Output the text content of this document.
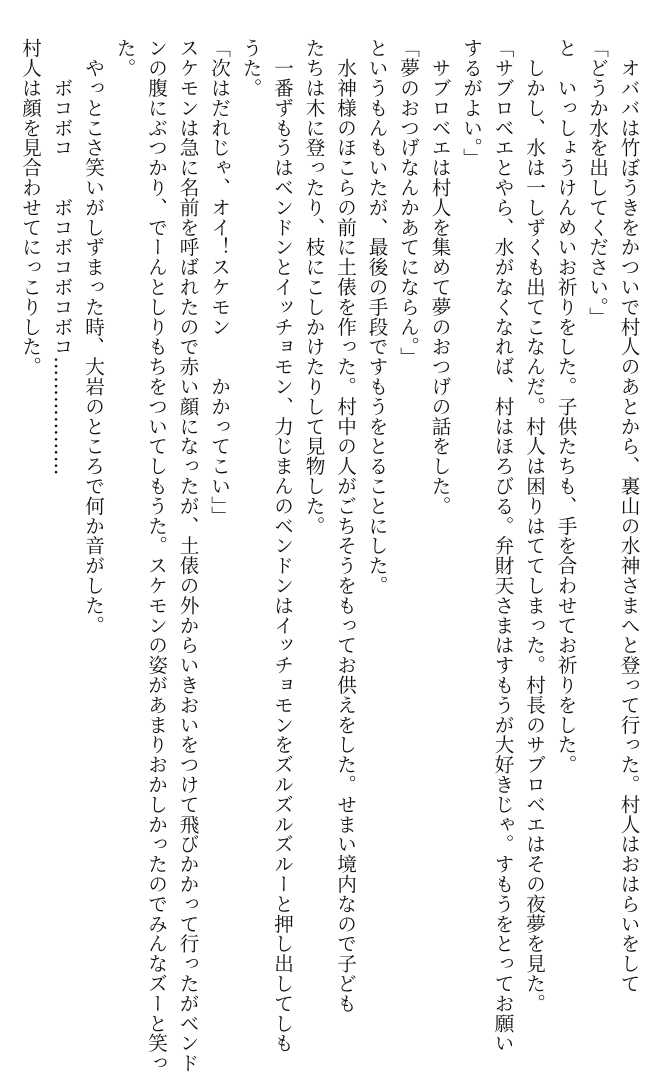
　オババは竹ぼうきをかついで村人のあとから、裏山の水神さまへと登って行った。村人はおはらいをして
「どうか水を出してください。」
と　いっしょうけんめいお祈りをした。子供たちも、手を合わせてお祈りをした。
　しかし、水は一しずくも出てこなんだ。村人は困りはててしまった。村長のサブロベエはその夜夢を見た。
「サブロベエとやら、水がなくなれば、村はほろびる。弁財天さまはすもうが大好きじゃ。すもうをとってお願い
するがよい。」
　サブロベエは村人を集めて夢のおつげの話をした。
「夢のおつげなんかあてにならん。」
というもんもいたが、最後の手段ですもうをとることにした。
　水神様のほこらの前に土俵を作った。村中の人がごちそうをもってお供えをした。せまい境内なので子ども
たちは木に登ったり、枝にこしかけたりして見物した。
　一番ずもうはベンドンとイッチョモン、力じまんのベンドンはイッチョモンをズルズルズルーと押し出してしも
うた。
「次はだれじゃ、オイ！スケモン　　かかってこい」」
スケモンは急に名前を呼ばれたので赤い顔になったが、土俵の外からいきおいをつけて飛びかかって行ったがベンド
ンの腹にぶつかり、でーんとしりもちをついてしもうた。スケモンの姿があまりおかしかったのでみんなズーと笑っ
た。
　やっとこさ笑いがしずまった時、大岩のところで何か音がした。
　　ボコボコ　　ボコボコボコボコ………………
村人は顔を見合わせてにっこりした。
